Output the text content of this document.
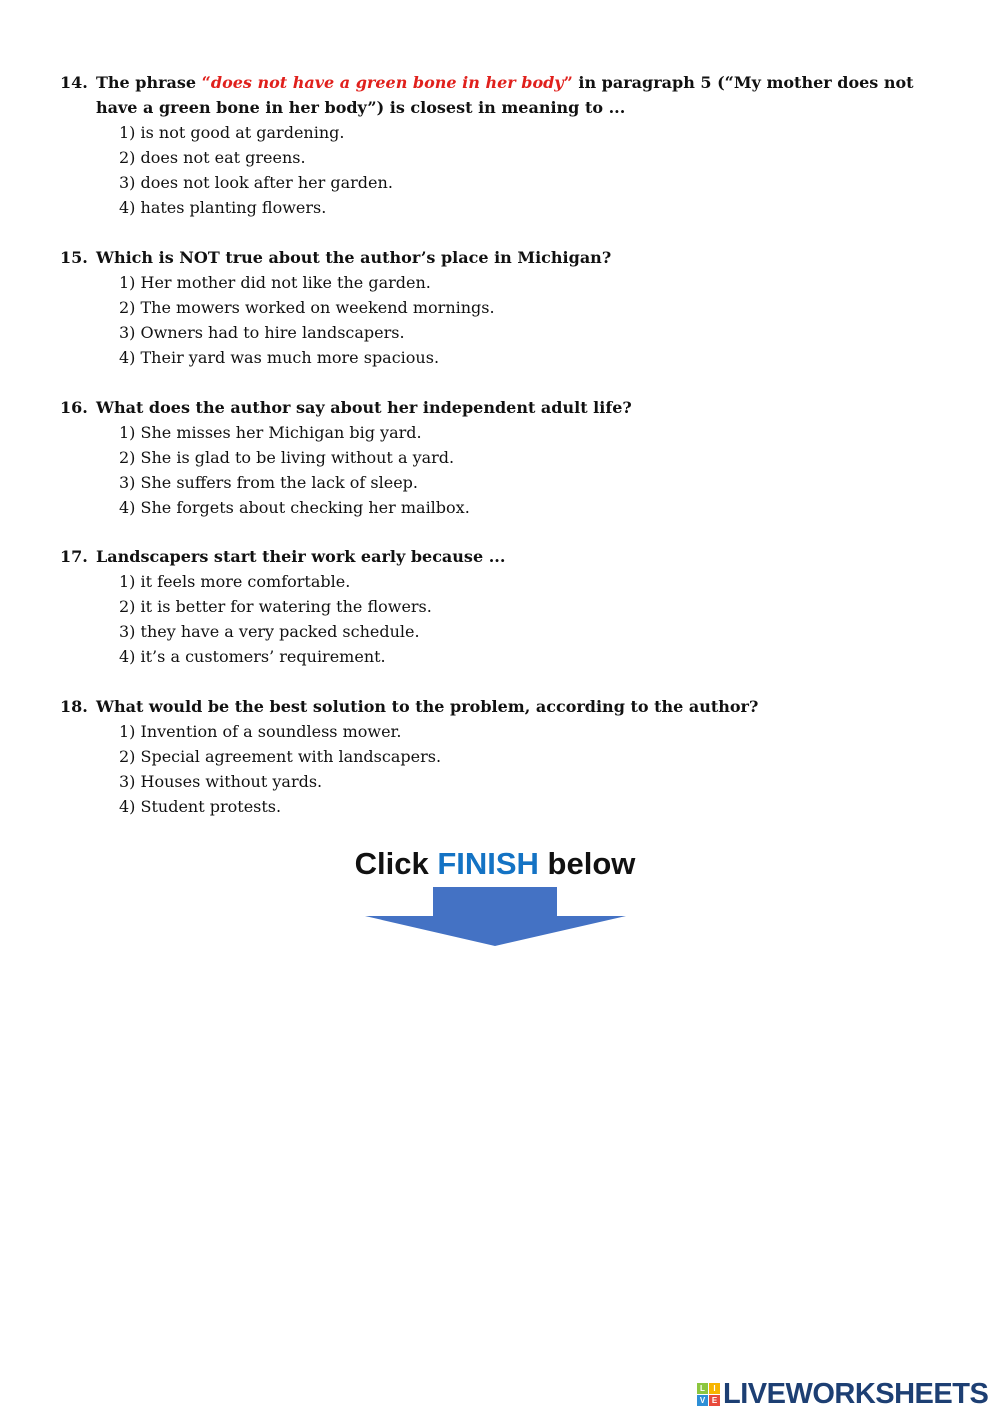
14. The phrase “does not have a green bone in her body” in paragraph 5 (“My mother does not have a green bone in her body”) is closest in meaning to ...

1) is not good at gardening.

2) does not eat greens.

3) does not look after her garden.

4) hates planting flowers.

15. Which is NOT true about the author’s place in Michigan?

1) Her mother did not like the garden.

2) The mowers worked on weekend mornings.

3) Owners had to hire landscapers.

4) Their yard was much more spacious.

16. What does the author say about her independent adult life?

1) She misses her Michigan big yard.

2) She is glad to be living without a yard.

3) She suffers from the lack of sleep.

4) She forgets about checking her mailbox.

17. Landscapers start their work early because ...

1) it feels more comfortable.

2) it is better for watering the flowers.

3) they have a very packed schedule.

4) it’s a customers’ requirement.

18. What would be the best solution to the problem, according to the author?

1) Invention of a soundless mower.

2) Special agreement with landscapers.

3) Houses without yards.

4) Student protests.

Click FINISH below
L	I
V E LIVEWORKSHEETS
